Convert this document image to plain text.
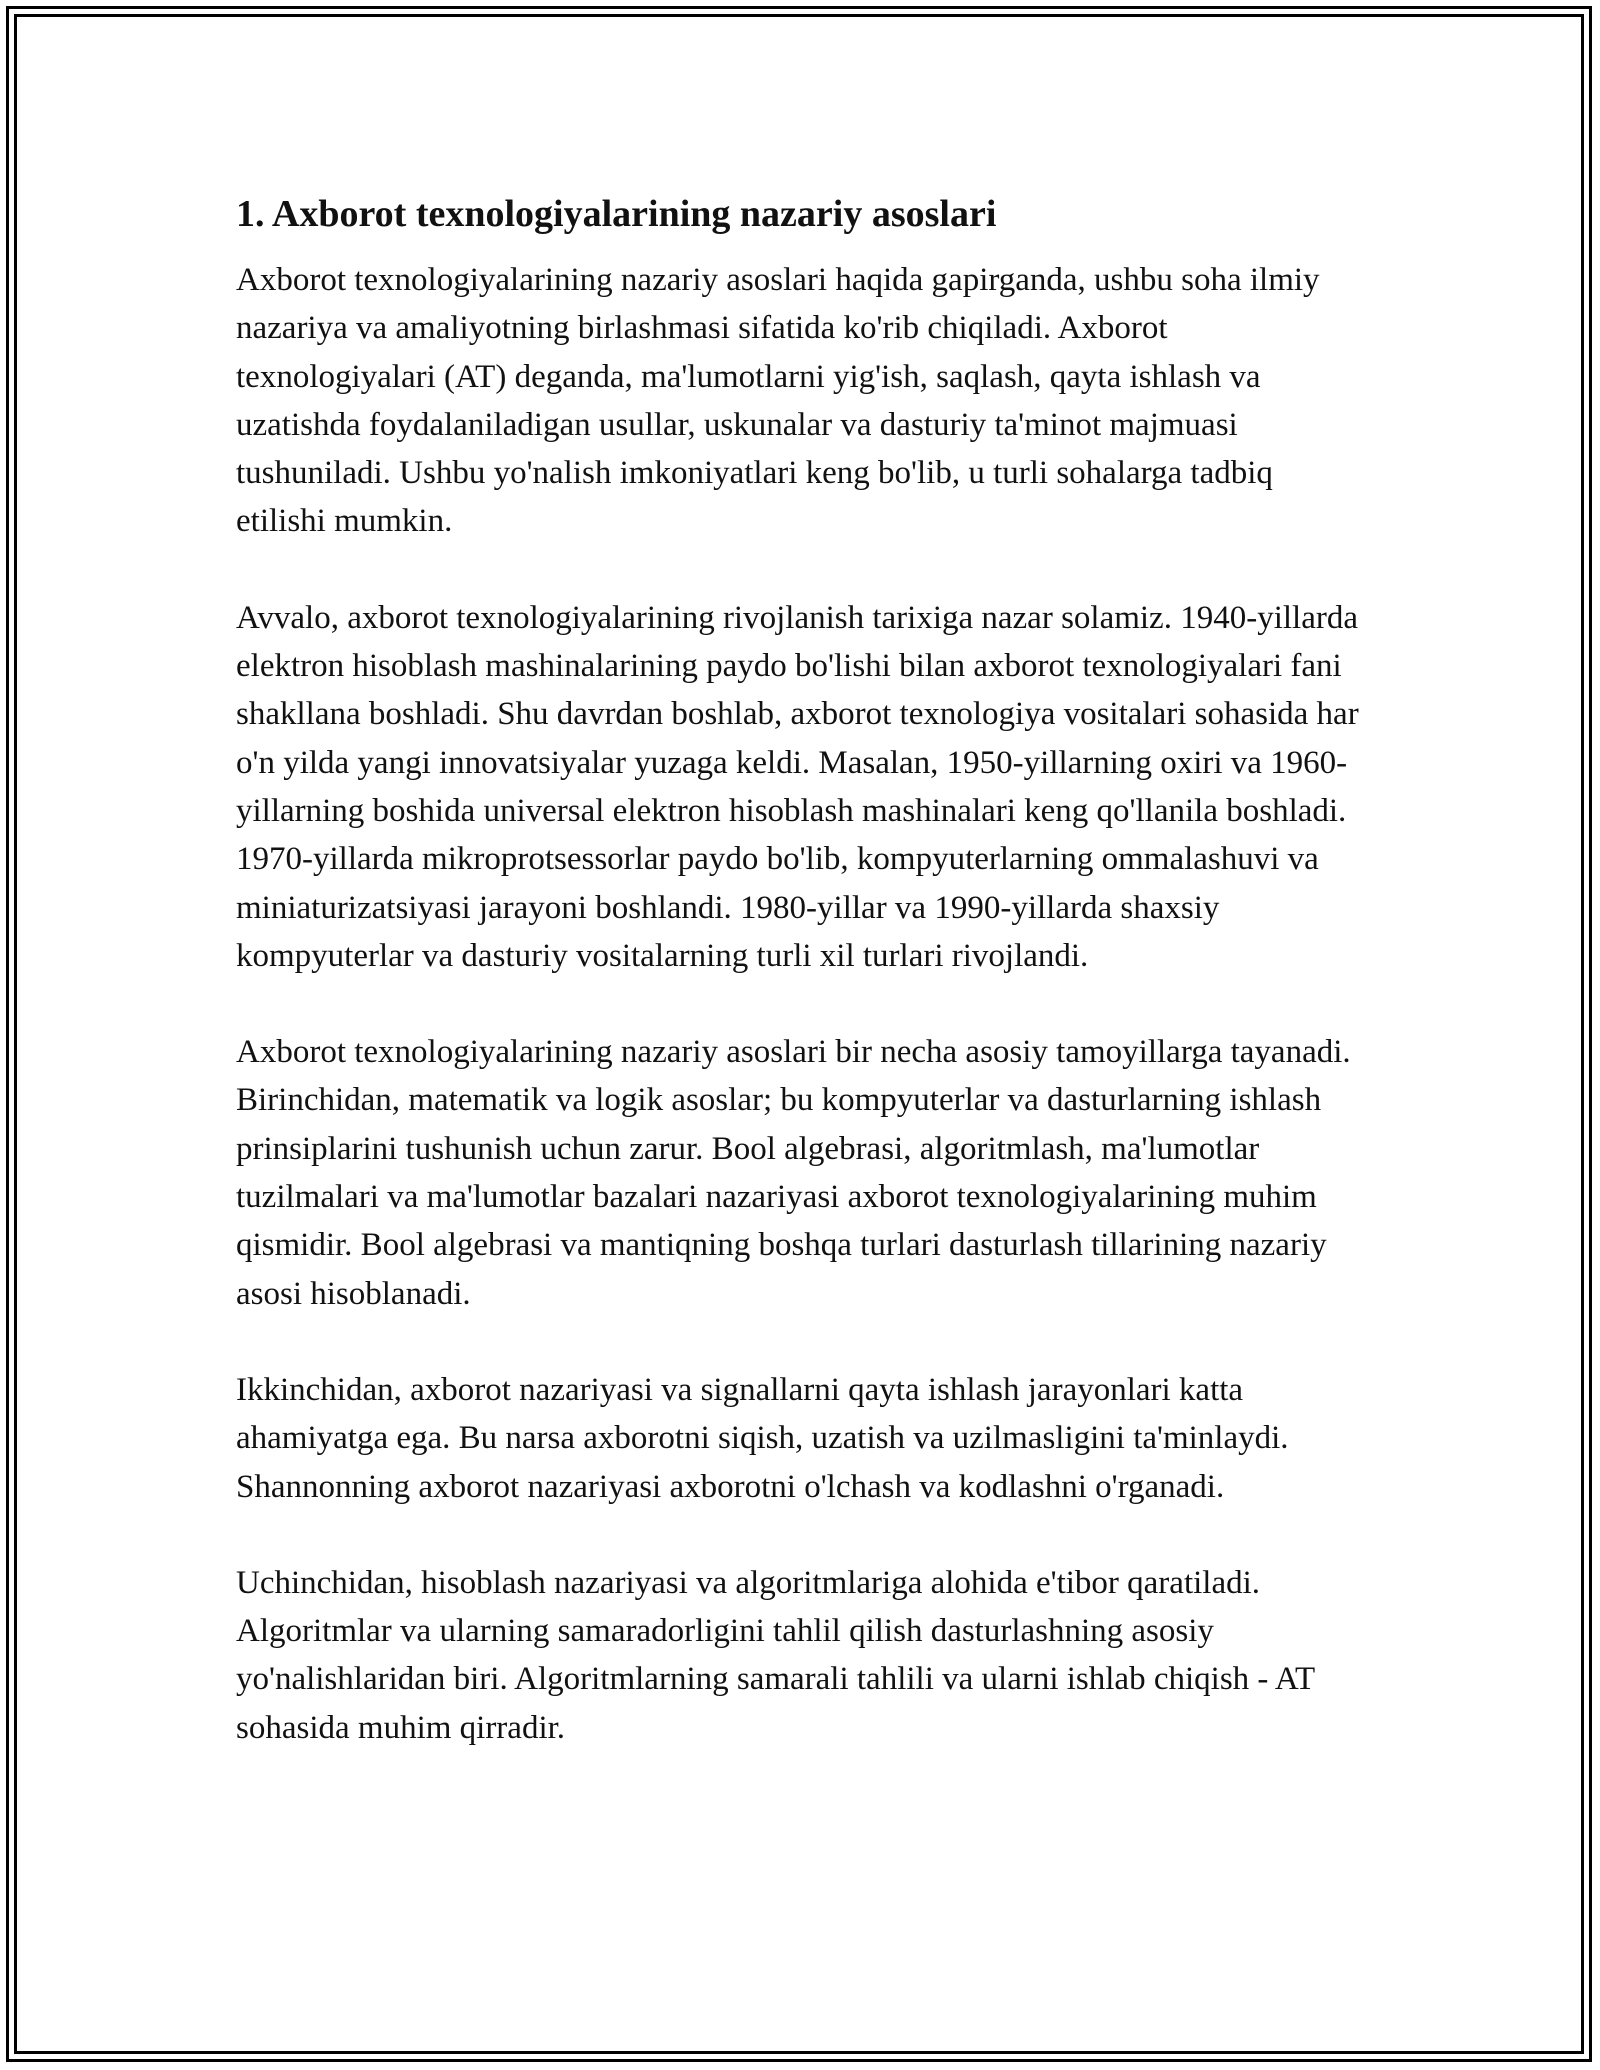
1. Axborot texnologiyalarining nazariy asoslari

Axborot texnologiyalarining nazariy asoslari haqida gapirganda, ushbu soha ilmiy nazariya va amaliyotning birlashmasi sifatida ko'rib chiqiladi. Axborot texnologiyalari (AT) deganda, ma'lumotlarni yig'ish, saqlash, qayta ishlash va uzatishda foydalaniladigan usullar, uskunalar va dasturiy ta'minot majmuasi tushuniladi. Ushbu yo'nalish imkoniyatlari keng bo'lib, u turli sohalarga tadbiq etilishi mumkin.

Avvalo, axborot texnologiyalarining rivojlanish tarixiga nazar solamiz. 1940-yillarda elektron hisoblash mashinalarining paydo bo'lishi bilan axborot texnologiyalari fani shakllana boshladi. Shu davrdan boshlab, axborot texnologiya vositalari sohasida har o'n yilda yangi innovatsiyalar yuzaga keldi. Masalan, 1950-yillarning oxiri va 1960-yillarning boshida universal elektron hisoblash mashinalari keng qo'llanila boshladi. 1970-yillarda mikroprotsessorlar paydo bo'lib, kompyuterlarning ommalashuvi va miniaturizatsiyasi jarayoni boshlandi. 1980-yillar va 1990-yillarda shaxsiy kompyuterlar va dasturiy vositalarning turli xil turlari rivojlandi.

Axborot texnologiyalarining nazariy asoslari bir necha asosiy tamoyillarga tayanadi. Birinchidan, matematik va logik asoslar; bu kompyuterlar va dasturlarning ishlash prinsiplarini tushunish uchun zarur. Bool algebrasi, algoritmlash, ma'lumotlar tuzilmalari va ma'lumotlar bazalari nazariyasi axborot texnologiyalarining muhim qismidir. Bool algebrasi va mantiqning boshqa turlari dasturlash tillarining nazariy asosi hisoblanadi.

Ikkinchidan, axborot nazariyasi va signallarni qayta ishlash jarayonlari katta ahamiyatga ega. Bu narsa axborotni siqish, uzatish va uzilmasligini ta'minlaydi. Shannonning axborot nazariyasi axborotni o'lchash va kodlashni o'rganadi.

Uchinchidan, hisoblash nazariyasi va algoritmlariga alohida e'tibor qaratiladi. Algoritmlar va ularning samaradorligini tahlil qilish dasturlashning asosiy yo'nalishlaridan biri. Algoritmlarning samarali tahlili va ularni ishlab chiqish - AT sohasida muhim qirradir.
